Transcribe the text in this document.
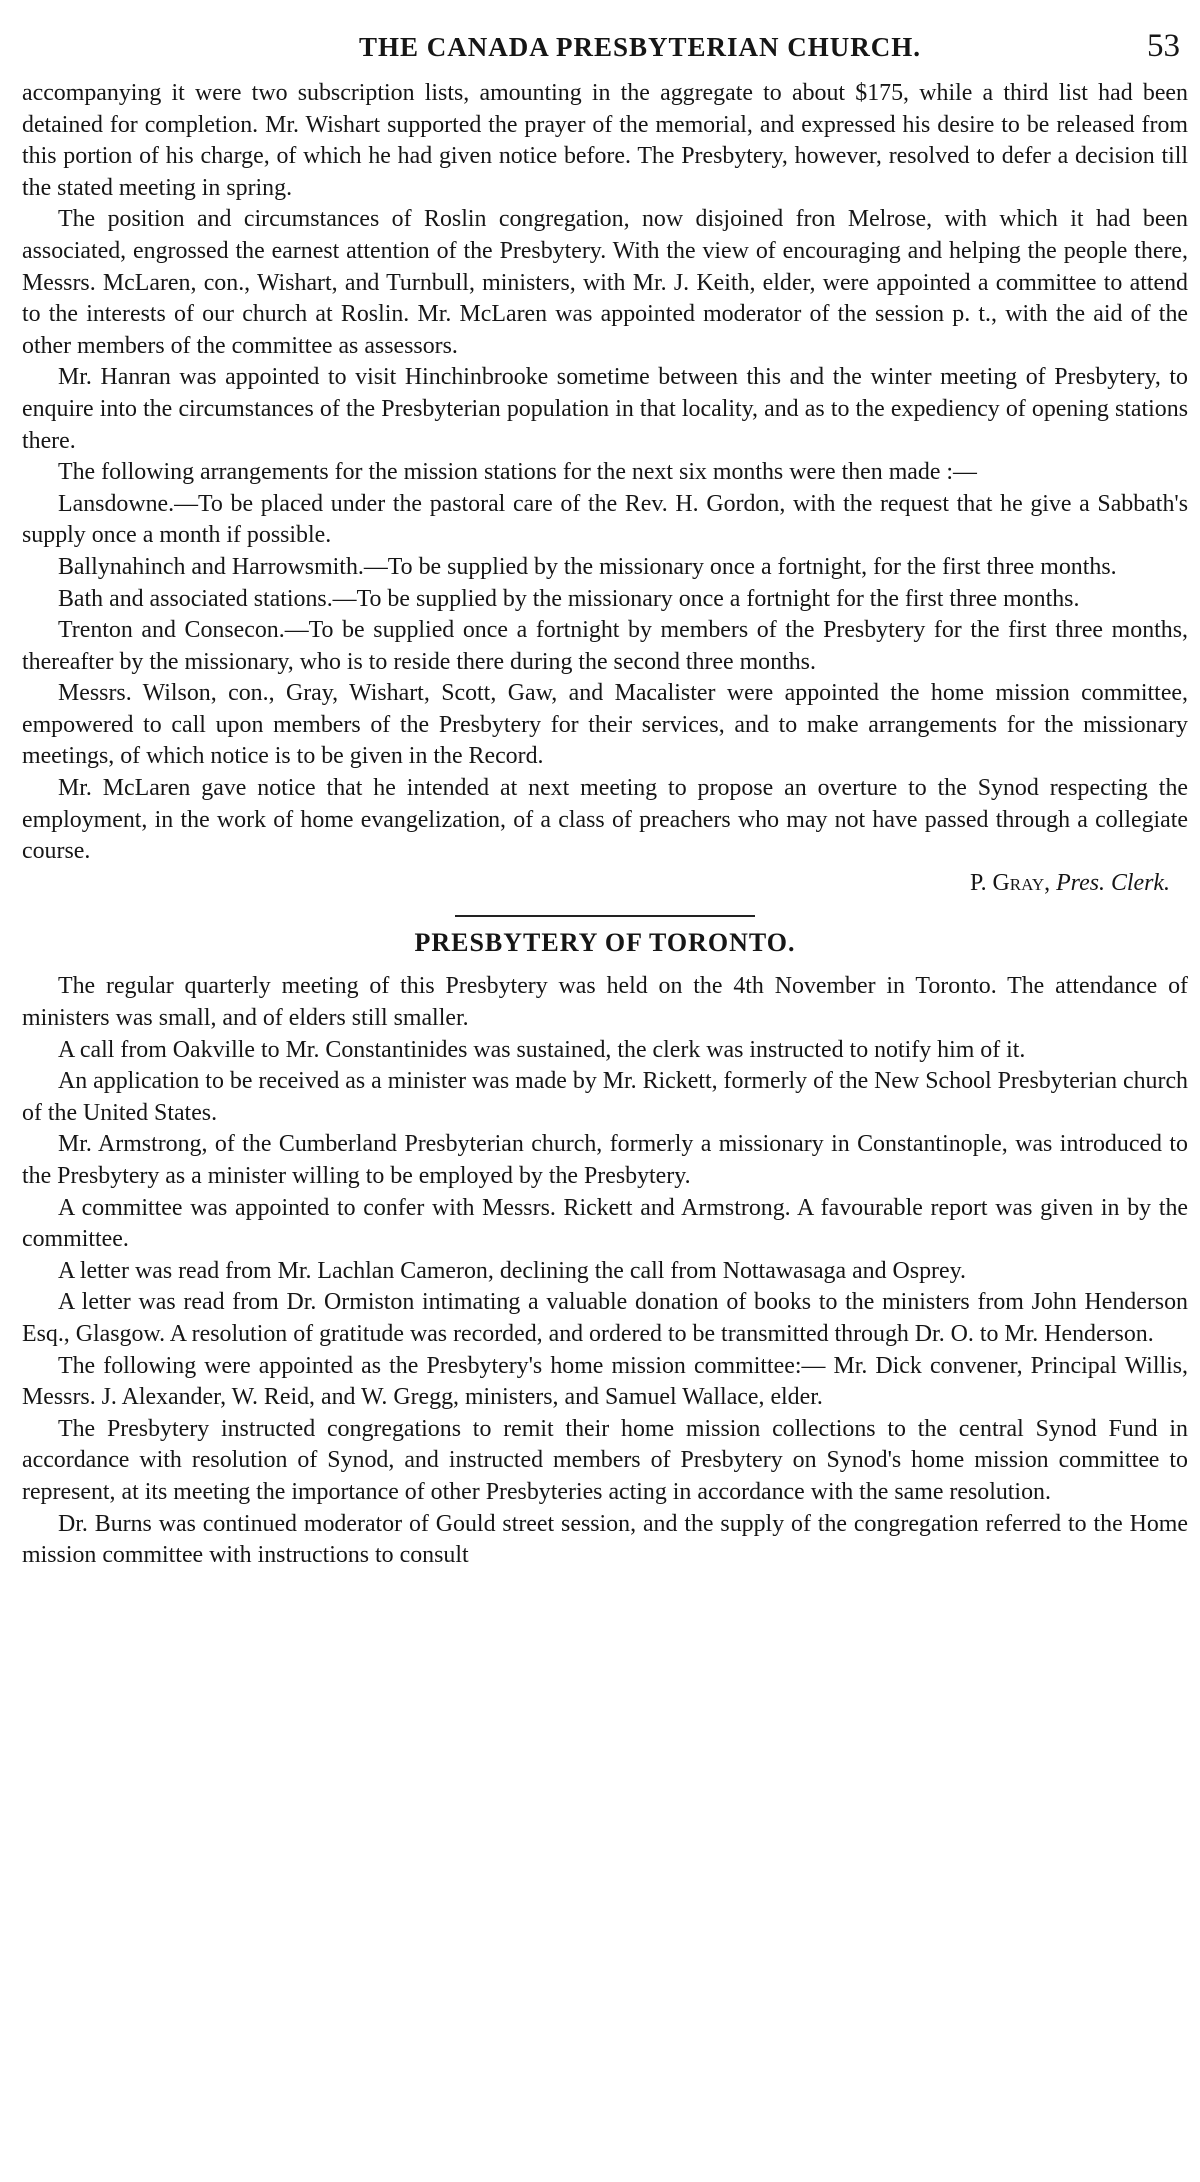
THE CANADA PRESBYTERIAN CHURCH.	53

accompanying it were two subscription lists, amounting in the aggregate to about $175, while a third list had been detained for completion. Mr. Wishart supported the prayer of the memorial, and expressed his desire to be released from this portion of his charge, of which he had given notice before. The Presbytery, however, resolved to defer a decision till the stated meeting in spring.

The position and circumstances of Roslin congregation, now disjoined fron Melrose, with which it had been associated, engrossed the earnest attention of the Presbytery. With the view of encouraging and helping the people there, Messrs. McLaren, con., Wishart, and Turnbull, ministers, with Mr. J. Keith, elder, were appointed a committee to attend to the interests of our church at Roslin. Mr. McLaren was appointed moderator of the session p. t., with the aid of the other members of the committee as assessors.

Mr. Hanran was appointed to visit Hinchinbrooke sometime between this and the winter meeting of Presbytery, to enquire into the circumstances of the Presbyterian population in that locality, and as to the expediency of opening stations there.

The following arrangements for the mission stations for the next six months were then made :—

Lansdowne.—To be placed under the pastoral care of the Rev. H. Gordon, with the request that he give a Sabbath's supply once a month if possible.

Ballynahinch and Harrowsmith.—To be supplied by the missionary once a fortnight, for the first three months.

Bath and associated stations.—To be supplied by the missionary once a fortnight for the first three months.

Trenton and Consecon.—To be supplied once a fortnight by members of the Presbytery for the first three months, thereafter by the missionary, who is to reside there during the second three months.

Messrs. Wilson, con., Gray, Wishart, Scott, Gaw, and Macalister were appointed the home mission committee, empowered to call upon members of the Presbytery for their services, and to make arrangements for the missionary meetings, of which notice is to be given in the Record.

Mr. McLaren gave notice that he intended at next meeting to propose an overture to the Synod respecting the employment, in the work of home evangelization, of a class of preachers who may not have passed through a collegiate course.

P. Gray, Pres. Clerk.

PRESBYTERY OF TORONTO.

The regular quarterly meeting of this Presbytery was held on the 4th November in Toronto. The attendance of ministers was small, and of elders still smaller.

A call from Oakville to Mr. Constantinides was sustained, the clerk was instructed to notify him of it.

An application to be received as a minister was made by Mr. Rickett, formerly of the New School Presbyterian church of the United States.

Mr. Armstrong, of the Cumberland Presbyterian church, formerly a missionary in Constantinople, was introduced to the Presbytery as a minister willing to be employed by the Presbytery.

A committee was appointed to confer with Messrs. Rickett and Armstrong. A favourable report was given in by the committee.

A letter was read from Mr. Lachlan Cameron, declining the call from Nottawasaga and Osprey.

A letter was read from Dr. Ormiston intimating a valuable donation of books to the ministers from John Henderson Esq., Glasgow. A resolution of gratitude was recorded, and ordered to be transmitted through Dr. O. to Mr. Henderson.

The following were appointed as the Presbytery's home mission committee:— Mr. Dick convener, Principal Willis, Messrs. J. Alexander, W. Reid, and W. Gregg, ministers, and Samuel Wallace, elder.

The Presbytery instructed congregations to remit their home mission collections to the central Synod Fund in accordance with resolution of Synod, and instructed members of Presbytery on Synod's home mission committee to represent, at its meeting the importance of other Presbyteries acting in accordance with the same resolution.

Dr. Burns was continued moderator of Gould street session, and the supply of the congregation referred to the Home mission committee with instructions to consult
